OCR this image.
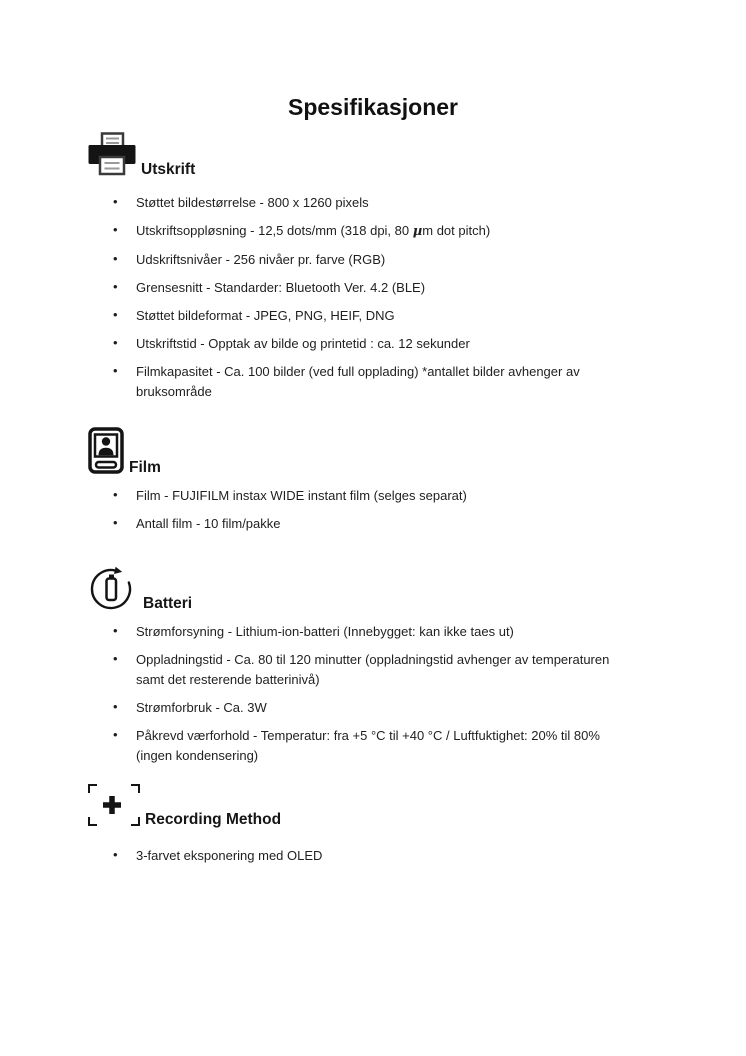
Spesifikasjoner
Utskrift
• Støttet bildestørrelse - 800 x 1260 pixels
• Utskriftsoppløsning - 12,5 dots/mm (318 dpi, 80 µm dot pitch)
• Udskriftsnivåer - 256 nivåer pr. farve (RGB)
• Grensesnitt - Standarder: Bluetooth Ver. 4.2 (BLE)
• Støttet bildeformat - JPEG, PNG, HEIF, DNG
• Utskriftstid - Opptak av bilde og printetid : ca. 12 sekunder
• Filmkapasitet - Ca. 100 bilder (ved full opplading) *antallet bilder avhenger av bruksområde
Film
• Film - FUJIFILM instax WIDE instant film (selges separat)
• Antall film - 10 film/pakke
Batteri
• Strømforsyning - Lithium-ion-batteri (Innebygget: kan ikke taes ut)
• Oppladningstid - Ca. 80 til 120 minutter (oppladningstid avhenger av temperaturen samt det resterende batterinivå)
• Strømforbruk - Ca. 3W
• Påkrevd værforhold - Temperatur: fra +5 °C til +40 °C / Luftfuktighet: 20% til 80% (ingen kondensering)
Recording Method
• 3-farvet eksponering med OLED
